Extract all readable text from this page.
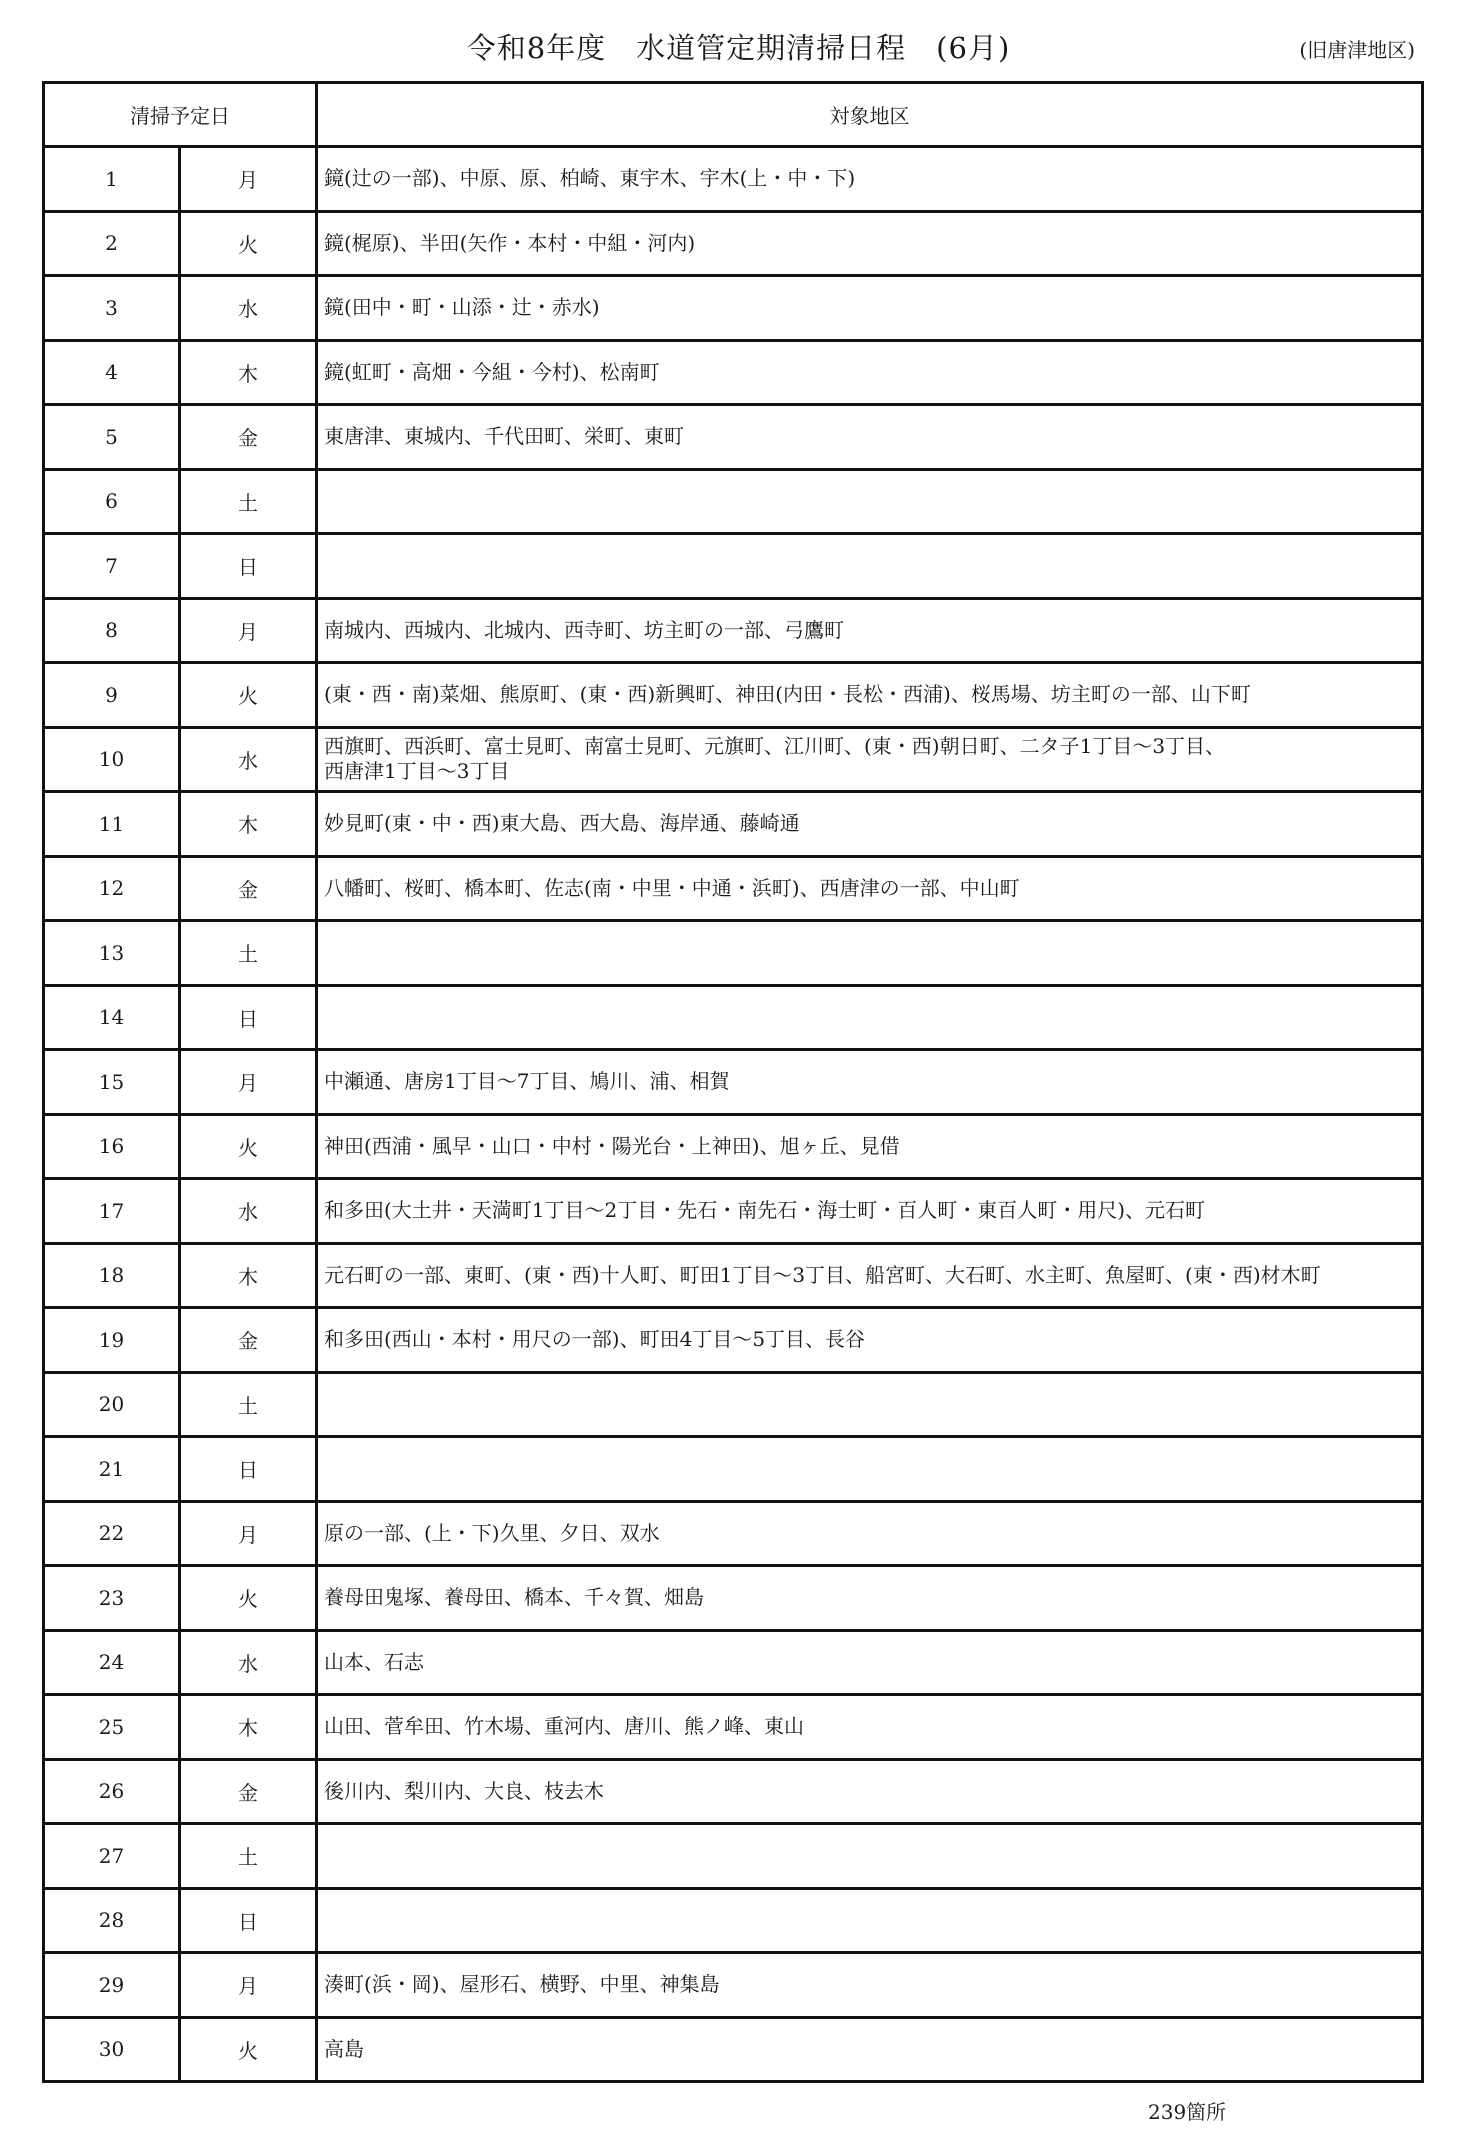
令和8年度　水道管定期清掃日程　(6月)	(旧唐津地区)
清掃予定日		対象地区
1	月	鏡(辻の一部)、中原、原、柏崎、東宇木、宇木(上・中・下)
2	火	鏡(梶原)、半田(矢作・本村・中組・河内)
3	水	鏡(田中・町・山添・辻・赤水)
4	木	鏡(虹町・高畑・今組・今村)、松南町
5	金	東唐津、東城内、千代田町、栄町、東町
6	土	
7	日	
8	月	南城内、西城内、北城内、西寺町、坊主町の一部、弓鷹町
9	火	(東・西・南)菜畑、熊原町、(東・西)新興町、神田(内田・長松・西浦)、桜馬場、坊主町の一部、山下町
10	水	西旗町、西浜町、富士見町、南富士見町、元旗町、江川町、(東・西)朝日町、二タ子1丁目～3丁目、
西唐津1丁目～3丁目
11	木	妙見町(東・中・西)東大島、西大島、海岸通、藤崎通
12	金	八幡町、桜町、橋本町、佐志(南・中里・中通・浜町)、西唐津の一部、中山町
13	土	
14	日	
15	月	中瀬通、唐房1丁目～7丁目、鳩川、浦、相賀
16	火	神田(西浦・風早・山口・中村・陽光台・上神田)、旭ヶ丘、見借
17	水	和多田(大土井・天満町1丁目～2丁目・先石・南先石・海士町・百人町・東百人町・用尺)、元石町
18	木	元石町の一部、東町、(東・西)十人町、町田1丁目～3丁目、船宮町、大石町、水主町、魚屋町、(東・西)材木町
19	金	和多田(西山・本村・用尺の一部)、町田4丁目～5丁目、長谷
20	土	
21	日	
22	月	原の一部、(上・下)久里、夕日、双水
23	火	養母田鬼塚、養母田、橋本、千々賀、畑島
24	水	山本、石志
25	木	山田、菅牟田、竹木場、重河内、唐川、熊ノ峰、東山
26	金	後川内、梨川内、大良、枝去木
27	土	
28	日	
29	月	湊町(浜・岡)、屋形石、横野、中里、神集島
30	火	高島
239箇所
